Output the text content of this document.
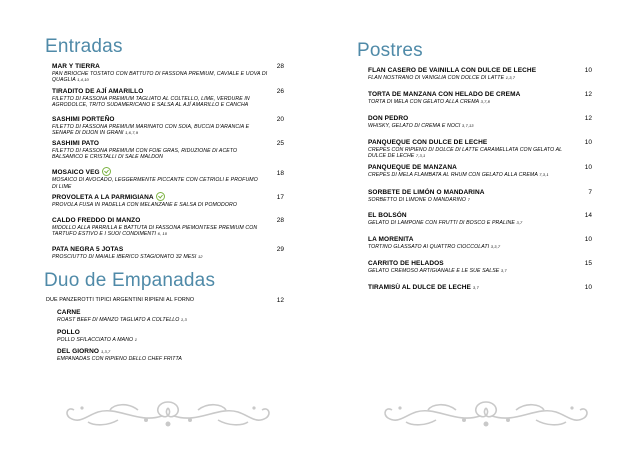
Entradas
MAR Y TIERRA
PAN BRIOCHE TOSTATO CON BATTUTO DI FASSONA PREMIUM, CAVIALE E UOVA DI QUAGLIA 1,4,10
28
TIRADITO DE AJÍ AMARILLO
FILETTO DI FASSONA PREMIUM TAGLIATO AL COLTELLO, LIME, VERDURE IN AGRODOLCE, TRITO SUDAMERICANO E SALSA AL AJÍ AMARILLO E CANCHA
26
SASHIMI PORTEÑO
FILETTO DI FASSONA PREMIUM MARINATO CON SOIA, BUCCIA D'ARANCIA E SENAPE DI DIJON IN GRANI 1,6,7,9
20
SASHIMI PATO
FILETTO DI FASSONA PREMIUM CON FOIE GRAS, RIDUZIONE DI ACETO BALSAMICO E CRISTALLI DI SALE MALDON
25
MOSAICO VEG
MOSAICO DI AVOCADO, LEGGERMENTE PICCANTE CON CETRIOLI E PROFUMO DI LIME
18
PROVOLETA A LA PARMIGIANA
PROVOLA FUSA IN PADELLA CON MELANZANE E SALSA DI POMODORO
17
CALDO FREDDO DI MANZO
MIDOLLO ALLA PARRILLA E BATTUTA DI FASSONA PIEMONTESE PREMIUM CON TARTUFO ESTIVO E I SUOI CONDIMENTI 6, 10
28
PATA NEGRA 5 JOTAS
PROSCIUTTO DI MAIALE IBERICO STAGIONATO 32 MESI 12
29
Duo de Empanadas
DUE PANZEROTTI TIPICI ARGENTINI RIPIENI AL FORNO	12
CARNE
ROAST BEEF DI MANZO TAGLIATO A COLTELLO 1,3
POLLO
POLLO SFILACCIATO A MANO 1
DEL GIORNO 1,3,7
EMPANADAS CON RIPIENO DELLO CHEF FRITTA
Postres
FLAN CASERO DE VAINILLA CON DULCE DE LECHE
FLAN NOSTRANO DI VANIGLIA CON DOLCE DI LATTE 1,3,7
10
TORTA DE MANZANA CON HELADO DE CREMA
TORTA DI MELA CON GELATO ALLA CREMA 3,7,8
12
DON PEDRO
WHISKY, GELATO DI CREMA E NOCI 3,7,13
12
PANQUEQUE CON DULCE DE LECHE
CREPES CON RIPIENO DI DOLCE DI LATTE CARAMELLATA CON GELATO AL DULCE DE LECHE 7,3,1
10
PANQUEQUE DE MANZANA
CREPES DI MELA FLAMBATA AL RHUM CON GELATO ALLA CREMA 7,3,1
10
SORBETE DE LIMÓN O MANDARINA
SORBETTO DI LIMONE O MANDARINO 7
7
EL BOLSÓN
GELATO DI LAMPONE CON FRUTTI DI BOSCO E PRALINE 3,7
14
LA MORENITA
TORTINO GLASSATO AI QUATTRO CIOCCOLATI 3,3,7
10
CARRITO DE HELADOS
GELATO CREMOSO ARTIGIANALE E LE SUE SALSE 3,7
15
TIRAMISÙ AL DULCE DE LECHE 3,7	10
